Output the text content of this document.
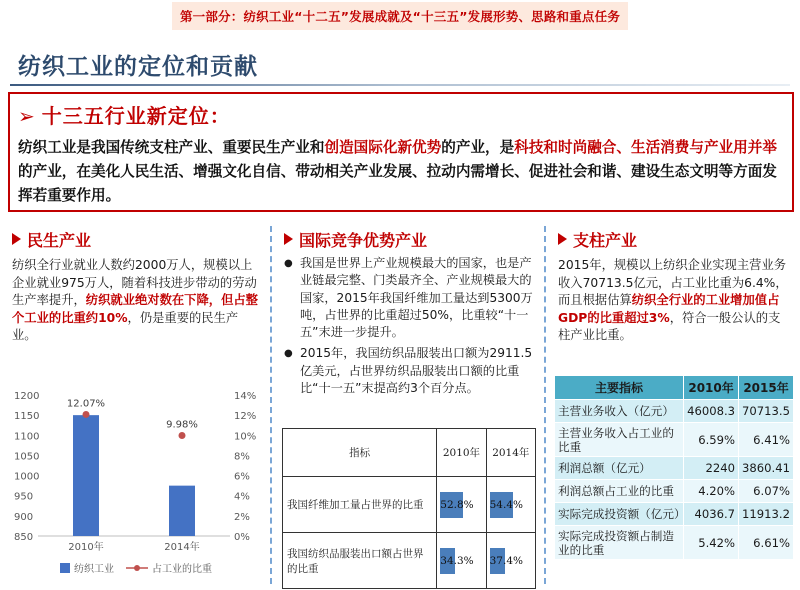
第一部分：纺织工业“十二五”发展成就及“十三五”发展形势、思路和重点任务
纺织工业的定位和贡献
➢ 十三五行业新定位：
纺织工业是我国传统支柱产业、重要民生产业和创造国际化新优势的产业，是科技和时尚融合、生活消费与产业用并举的产业，在美化人民生活、增强文化自信、带动相关产业发展、拉动内需增长、促进社会和谐、建设生态文明等方面发挥若重要作用。
民生产业
纺织全行业就业人数约2000万人，规模以上企业就业975万人，随着科技进步带动的劳动生产率提升，纺织就业绝对数在下降，但占整个工业的比重约10%，仍是重要的民生产业。
850
900
950
1000
1050
1100
1150
1200
0%
2%
4%
6%
8%
10%
12%
14%
2010年
12.07%
2014年
9.98%
纺织工业	占工业的比重
国际竞争优势产业
● 我国是世界上产业规模最大的国家，也是产业链最完整、门类最齐全、产业规模最大的国家，2015年我国纤维加工量达到5300万吨，占世界的比重超过50%，比重较“十一五”末进一步提升。
● 2015年，我国纺织品服装出口额为2911.5亿美元，占世界纺织品服装出口额的比重比“十一五”末提高约3个百分点。
指标	2010年	2014年
我国纤维加工量占世界的比重	52.8%	54.4%

我国纺织品服装出口额占世界的比重	34.3%	37.4%
支柱产业
2015年，规模以上纺织企业实现主营业务收入70713.5亿元，占工业比重为6.4%，而且根据估算纺织全行业的工业增加值占GDP的比重超过3%，符合一般公认的支柱产业比重。
主要指标	2010年	2015年
主营业务收入（亿元）	46008.3	70713.5
主营业务收入占工业的比重	6.59%	6.41%
利润总额（亿元）	2240	3860.41
利润总额占工业的比重	4.20%	6.07%
实际完成投资额（亿元）	4036.7	11913.2
实际完成投资额占制造业的比重	5.42%	6.61%
